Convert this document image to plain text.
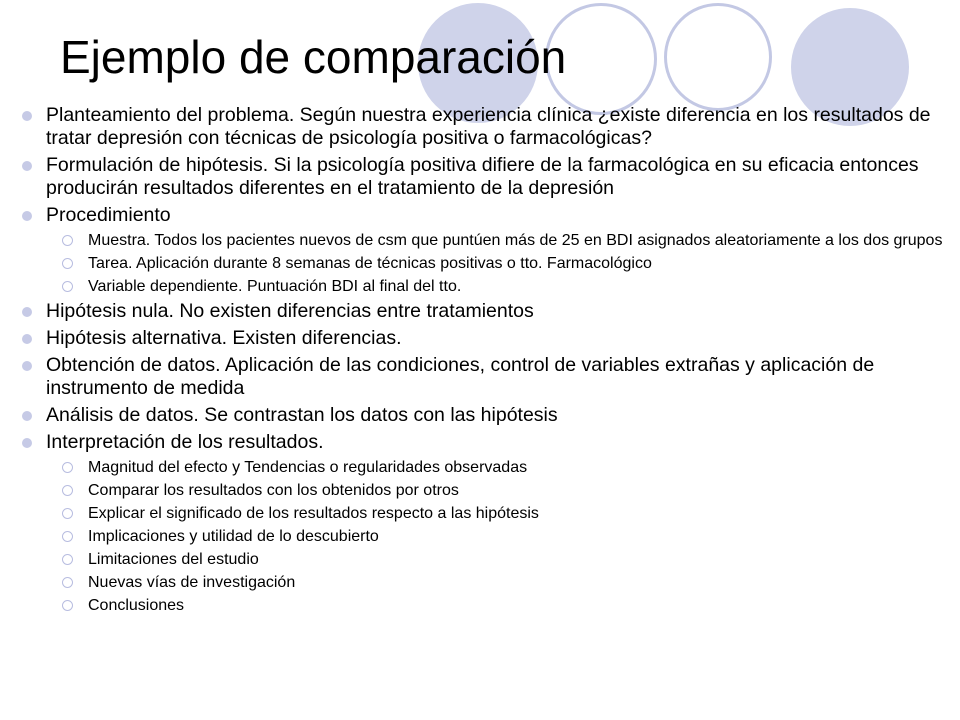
Ejemplo de comparación
Planteamiento del problema. Según nuestra experiencia clínica ¿existe diferencia en los resultados de tratar depresión con técnicas de psicología positiva o farmacológicas?
Formulación de hipótesis. Si la psicología positiva difiere de la farmacológica en su eficacia entonces producirán resultados diferentes en el tratamiento de la depresión
Procedimiento
Muestra. Todos los pacientes nuevos de csm que puntúen más de 25 en BDI asignados aleatoriamente a los dos grupos
Tarea. Aplicación durante 8 semanas de técnicas positivas o tto. Farmacológico
Variable dependiente. Puntuación BDI al final del tto.
Hipótesis nula. No existen diferencias entre tratamientos
Hipótesis alternativa. Existen diferencias.
Obtención de datos. Aplicación de las condiciones, control de variables extrañas y aplicación de instrumento de medida
Análisis de datos. Se contrastan los datos con las hipótesis
Interpretación de los resultados.
Magnitud del efecto y Tendencias o regularidades observadas
Comparar los resultados con los obtenidos por otros
Explicar el significado de los resultados respecto a las hipótesis
Implicaciones y utilidad de lo descubierto
Limitaciones del estudio
Nuevas vías de investigación
Conclusiones
